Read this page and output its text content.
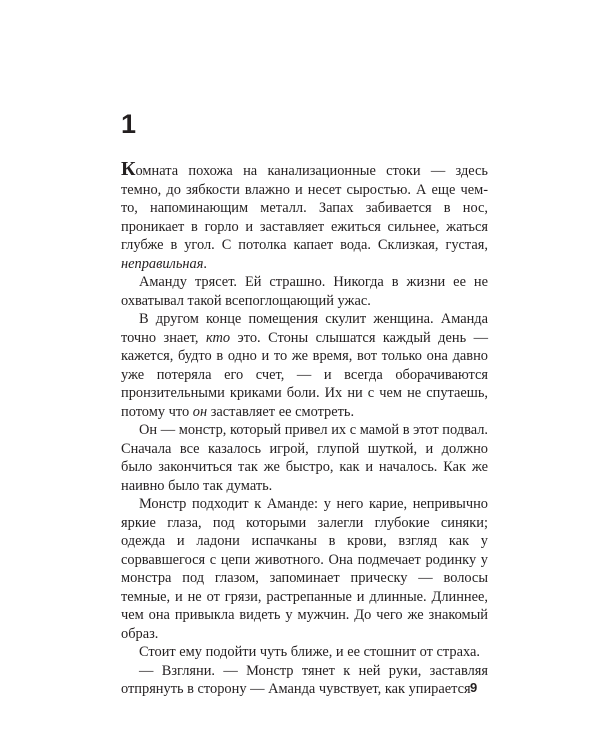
1

Комната похожа на канализационные стоки — здесь темно, до зябкости влажно и несет сыростью. А еще чем-то, напоминающим металл. Запах забивается в нос, проникает в горло и заставляет ежиться сильнее, жаться глубже в угол. С потолка капает вода. Склизкая, густая, неправильная.

Аманду трясет. Ей страшно. Никогда в жизни ее не охватывал такой всепоглощающий ужас.

В другом конце помещения скулит женщина. Аманда точно знает, кто это. Стоны слышатся каждый день — кажется, будто в одно и то же время, вот только она давно уже потеряла его счет, — и всегда оборачиваются пронзительными криками боли. Их ни с чем не спутаешь, потому что он заставляет ее смотреть.

Он — монстр, который привел их с мамой в этот подвал. Сначала все казалось игрой, глупой шуткой, и должно было закончиться так же быстро, как и началось. Как же наивно было так думать.

Монстр подходит к Аманде: у него карие, непривычно яркие глаза, под которыми залегли глубокие синяки; одежда и ладони испачканы в крови, взгляд как у сорвавшегося с цепи животного. Она подмечает родинку у монстра под глазом, запоминает прическу — волосы темные, и не от грязи, растрепанные и длинные. Длиннее, чем она привыкла видеть у мужчин. До чего же знакомый образ.

Стоит ему подойти чуть ближе, и ее стошнит от страха.

— Взгляни. — Монстр тянет к ней руки, заставляя отпрянуть в сторону — Аманда чувствует, как упирается 9
